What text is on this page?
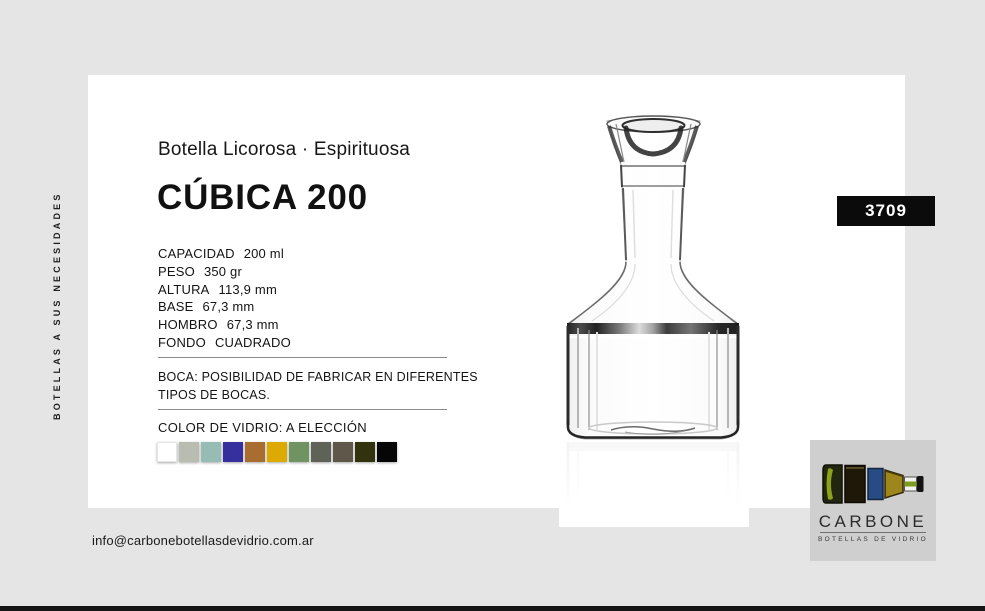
BOTELLAS A SUS NECESIDADES
Botella Licorosa · Espirituosa
CÚBICA 200
CAPACIDAD 200 ml
PESO 350 gr
ALTURA 113,9 mm
BASE 67,3 mm
HOMBRO 67,3 mm
FONDO CUADRADO
BOCA: POSIBILIDAD DE FABRICAR EN DIFERENTES
TIPOS DE BOCAS.
COLOR DE VIDRIO: A ELECCIÓN
3709
CARBONE
BOTELLAS DE VIDRIO
info@carbonebotellasdevidrio.com.ar
